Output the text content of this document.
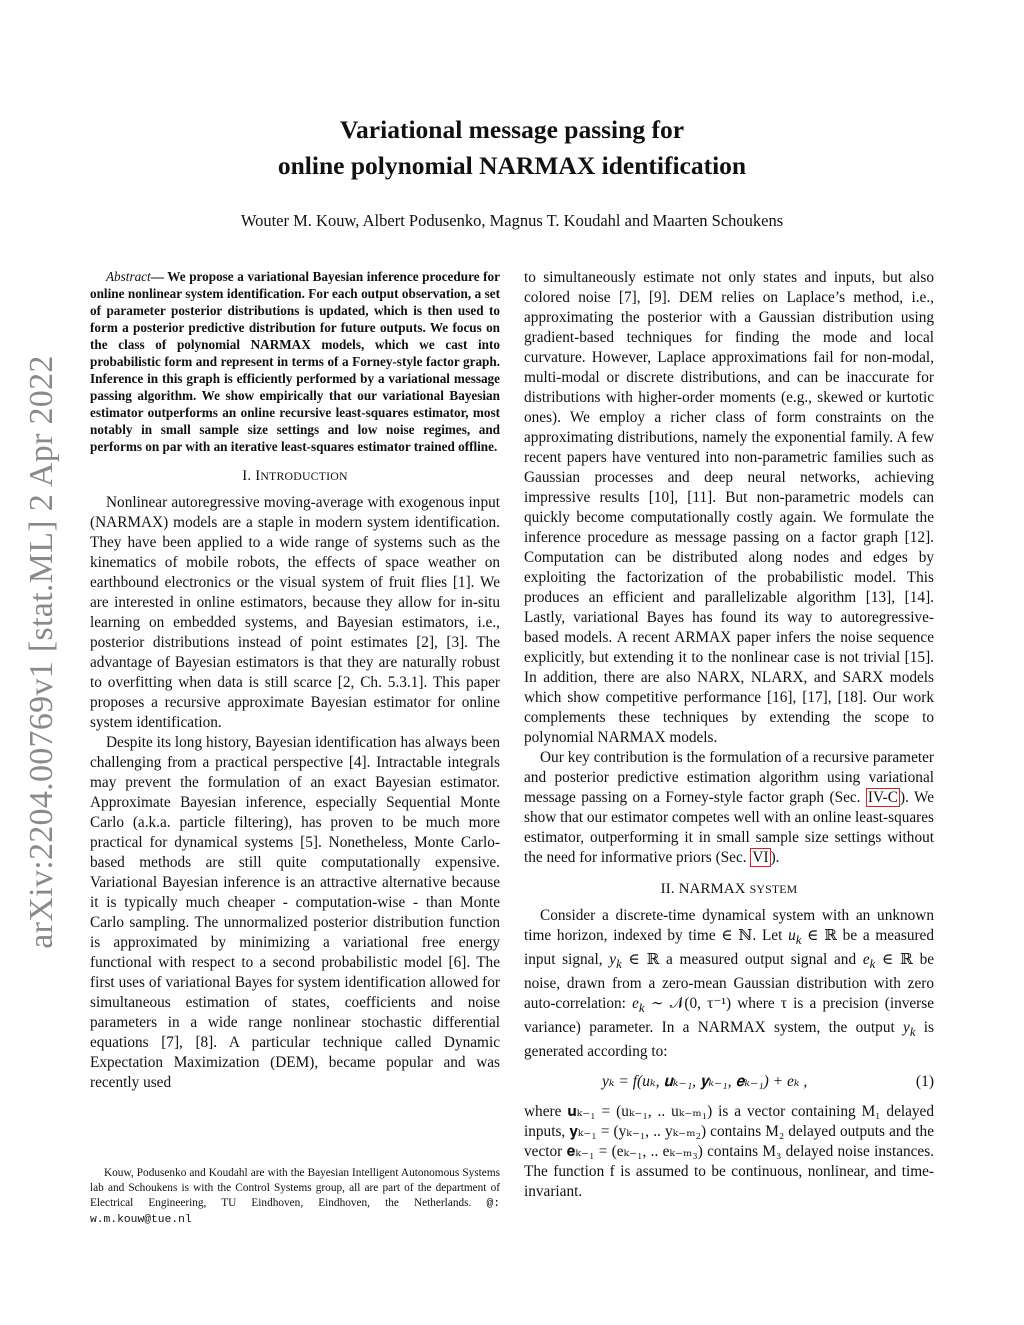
arXiv:2204.00769v1 [stat.ML] 2 Apr 2022
Variational message passing for
online polynomial NARMAX identification
Wouter M. Kouw, Albert Podusenko, Magnus T. Koudahl and Maarten Schoukens

Abstract— We propose a variational Bayesian inference procedure for online nonlinear system identification. For each output observation, a set of parameter posterior distributions is updated, which is then used to form a posterior predictive distribution for future outputs. We focus on the class of polynomial NARMAX models, which we cast into probabilistic form and represent in terms of a Forney-style factor graph. Inference in this graph is efficiently performed by a variational message passing algorithm. We show empirically that our variational Bayesian estimator outperforms an online recursive least-squares estimator, most notably in small sample size settings and low noise regimes, and performs on par with an iterative least-squares estimator trained offline.

I. INTRODUCTION

Nonlinear autoregressive moving-average with exogenous input (NARMAX) models are a staple in modern system identification. They have been applied to a wide range of systems such as the kinematics of mobile robots, the effects of space weather on earthbound electronics or the visual system of fruit flies [1]. We are interested in online estimators, because they allow for in-situ learning on embedded systems, and Bayesian estimators, i.e., posterior distributions instead of point estimates [2], [3]. The advantage of Bayesian estimators is that they are naturally robust to overfitting when data is still scarce [2, Ch. 5.3.1]. This paper proposes a recursive approximate Bayesian estimator for online system identification.

Despite its long history, Bayesian identification has always been challenging from a practical perspective [4]. Intractable integrals may prevent the formulation of an exact Bayesian estimator. Approximate Bayesian inference, especially Sequential Monte Carlo (a.k.a. particle filtering), has proven to be much more practical for dynamical systems [5]. Nonetheless, Monte Carlo-based methods are still quite computationally expensive. Variational Bayesian inference is an attractive alternative because it is typically much cheaper - computation-wise - than Monte Carlo sampling. The unnormalized posterior distribution function is approximated by minimizing a variational free energy functional with respect to a second probabilistic model [6]. The first uses of variational Bayes for system identification allowed for simultaneous estimation of states, coefficients and noise parameters in a wide range nonlinear stochastic differential equations [7], [8]. A particular technique called Dynamic Expectation Maximization (DEM), became popular and was recently used

Kouw, Podusenko and Koudahl are with the Bayesian Intelligent Autonomous Systems lab and Schoukens is with the Control Systems group, all are part of the department of Electrical Engineering, TU Eindhoven, Eindhoven, the Netherlands. @: w.m.kouw@tue.nl

to simultaneously estimate not only states and inputs, but also colored noise [7], [9]. DEM relies on Laplace’s method, i.e., approximating the posterior with a Gaussian distribution using gradient-based techniques for finding the mode and local curvature. However, Laplace approximations fail for non-modal, multi-modal or discrete distributions, and can be inaccurate for distributions with higher-order moments (e.g., skewed or kurtotic ones). We employ a richer class of form constraints on the approximating distributions, namely the exponential family. A few recent papers have ventured into non-parametric families such as Gaussian processes and deep neural networks, achieving impressive results [10], [11]. But non-parametric models can quickly become computationally costly again. We formulate the inference procedure as message passing on a factor graph [12]. Computation can be distributed along nodes and edges by exploiting the factorization of the probabilistic model. This produces an efficient and parallelizable algorithm [13], [14]. Lastly, variational Bayes has found its way to autoregressive-based models. A recent ARMAX paper infers the noise sequence explicitly, but extending it to the nonlinear case is not trivial [15]. In addition, there are also NARX, NLARX, and SARX models which show competitive performance [16], [17], [18]. Our work complements these techniques by extending the scope to polynomial NARMAX models.

Our key contribution is the formulation of a recursive parameter and posterior predictive estimation algorithm using variational message passing on a Forney-style factor graph (Sec. IV-C ). We show that our estimator competes well with an online least-squares estimator, outperforming it in small sample size settings without the need for informative priors (Sec. VI ).

II. NARMAX SYSTEM

Consider a discrete-time dynamical system with an unknown time horizon, indexed by time ∈ ℕ. Let $u_k$ ∈ ℝ be a measured input signal, $y_k$ ∈ ℝ a measured output signal and $e_k$ ∈ ℝ be noise, drawn from a zero-mean Gaussian distribution with zero auto-correlation: $e_k$ ∼ 𝒩(0, τ⁻¹) where τ is a precision (inverse variance) parameter. In a NARMAX system, the output $y_k$ is generated according to:

yₖ = f(uₖ, 𝐮ₖ₋₁, 𝐲ₖ₋₁, 𝐞ₖ₋₁) + eₖ ,	(1)

where 𝐮ₖ₋₁ = (uₖ₋₁, .. uₖ₋ₘ₁) is a vector containing M₁ delayed inputs, 𝐲ₖ₋₁ = (yₖ₋₁, .. yₖ₋ₘ₂) contains M₂ delayed outputs and the vector 𝐞ₖ₋₁ = (eₖ₋₁, .. eₖ₋ₘ₃) contains M₃ delayed noise instances. The function f is assumed to be continuous, nonlinear, and time-invariant.
